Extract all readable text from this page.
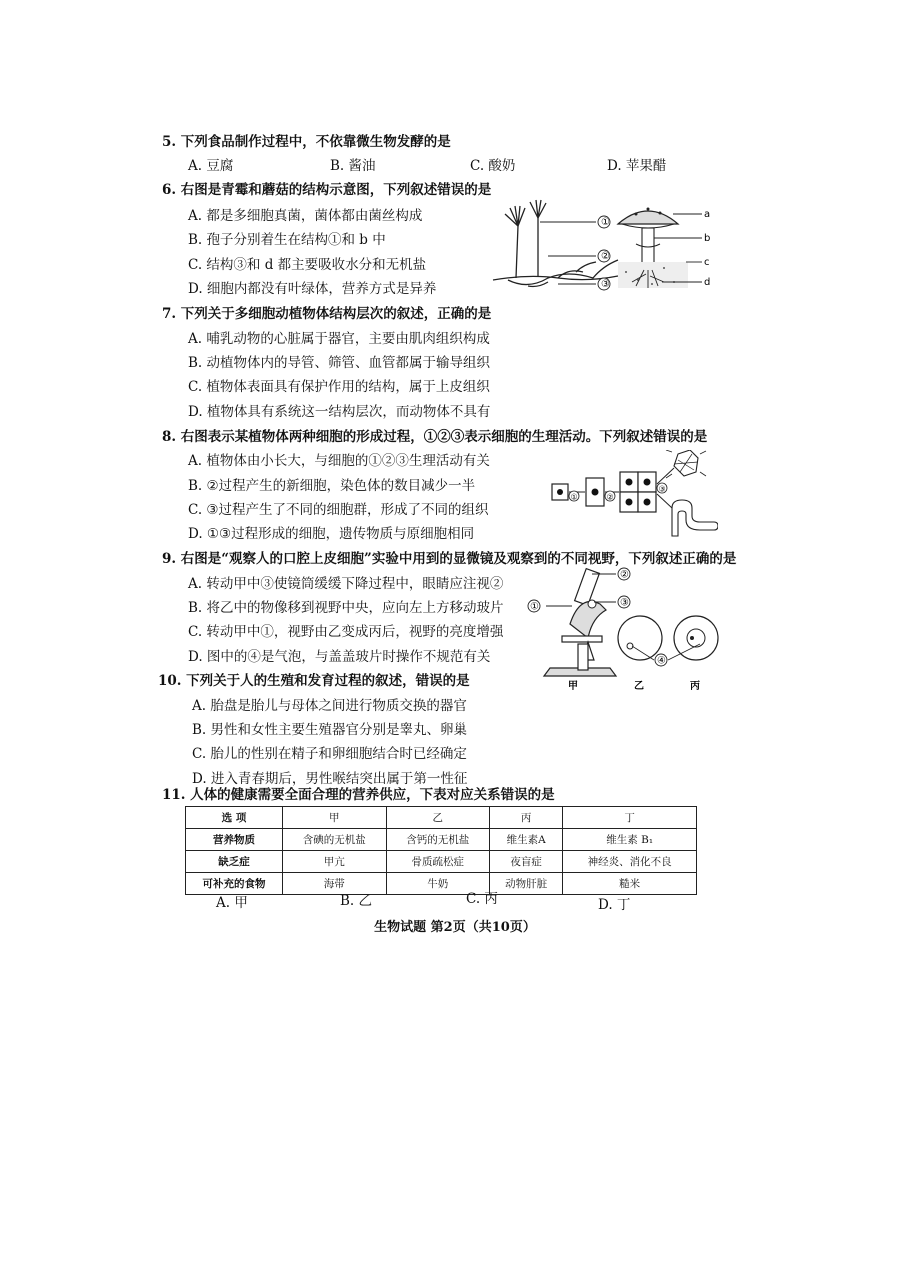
5. 下列食品制作过程中，不依靠微生物发酵的是
A. 豆腐	B. 酱油	C. 酸奶	D. 苹果醋
6. 右图是青霉和蘑菇的结构示意图，下列叙述错误的是
A. 都是多细胞真菌，菌体都由菌丝构成
B. 孢子分别着生在结构①和 b 中
C. 结构③和 d 都主要吸收水分和无机盐
D. 细胞内都没有叶绿体，营养方式是异养
①
②
③
a
b
c
d
7. 下列关于多细胞动植物体结构层次的叙述，正确的是
A. 哺乳动物的心脏属于器官，主要由肌肉组织构成
B. 动植物体内的导管、筛管、血管都属于输导组织
C. 植物体表面具有保护作用的结构，属于上皮组织
D. 植物体具有系统这一结构层次，而动物体不具有
8. 右图表示某植物体两种细胞的形成过程，①②③表示细胞的生理活动。下列叙述错误的是
A. 植物体由小长大，与细胞的①②③生理活动有关
B. ②过程产生的新细胞，染色体的数目减少一半
C. ③过程产生了不同的细胞群，形成了不同的组织
D. ①③过程形成的细胞，遗传物质与原细胞相同
①	②
③
9. 右图是“观察人的口腔上皮细胞”实验中用到的显微镜及观察到的不同视野，下列叙述正确的是
A. 转动甲中③使镜筒缓缓下降过程中，眼睛应注视②
B. 将乙中的物像移到视野中央，应向左上方移动玻片
C. 转动甲中①，视野由乙变成丙后，视野的亮度增强
D. 图中的④是气泡，与盖盖玻片时操作不规范有关
②
③
①
④
甲	乙	丙
10. 下列关于人的生殖和发育过程的叙述，错误的是
A. 胎盘是胎儿与母体之间进行物质交换的器官
B. 男性和女性主要生殖器官分别是睾丸、卵巢
C. 胎儿的性别在精子和卵细胞结合时已经确定
D. 进入青春期后，男性喉结突出属于第一性征
11. 人体的健康需要全面合理的营养供应，下表对应关系错误的是
选 项	甲	乙	丙	丁
营养物质	含碘的无机盐	含钙的无机盐	维生素A	维生素 B₁
缺乏症	甲亢	骨质疏松症	夜盲症	神经炎、消化不良
可补充的食物	海带	牛奶	动物肝脏	糙米
A. 甲	B. 乙	C. 丙	D. 丁
生物试题 第2页（共10页）
